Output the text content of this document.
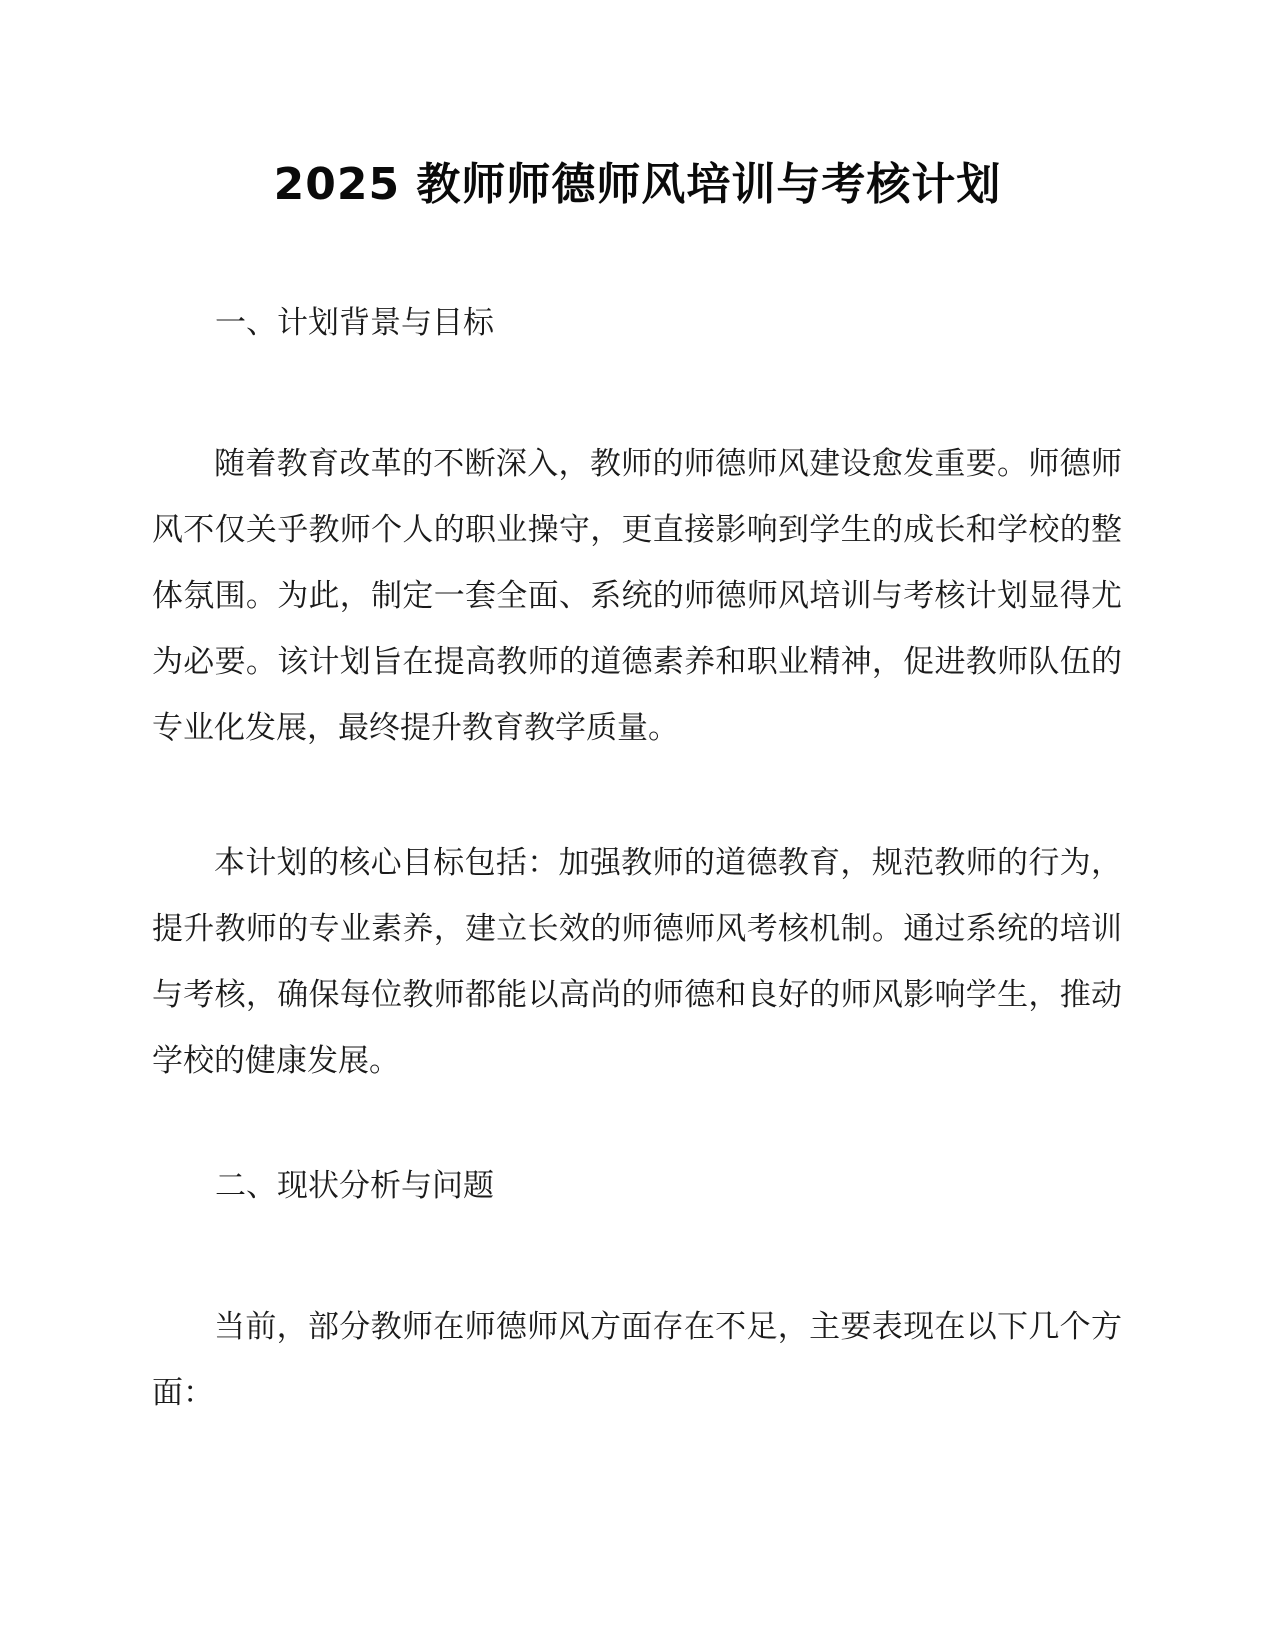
2025 教师师德师风培训与考核计划
一、计划背景与目标

随着教育改革的不断深入，教师的师德师风建设愈发重要。师德师风不仅关乎教师个人的职业操守，更直接影响到学生的成长和学校的整体氛围。为此，制定一套全面、系统的师德师风培训与考核计划显得尤为必要。该计划旨在提高教师的道德素养和职业精神，促进教师队伍的专业化发展，最终提升教育教学质量。

本计划的核心目标包括：加强教师的道德教育，规范教师的行为，提升教师的专业素养，建立长效的师德师风考核机制。通过系统的培训与考核，确保每位教师都能以高尚的师德和良好的师风影响学生，推动学校的健康发展。

二、现状分析与问题

当前，部分教师在师德师风方面存在不足，主要表现在以下几个方面：
